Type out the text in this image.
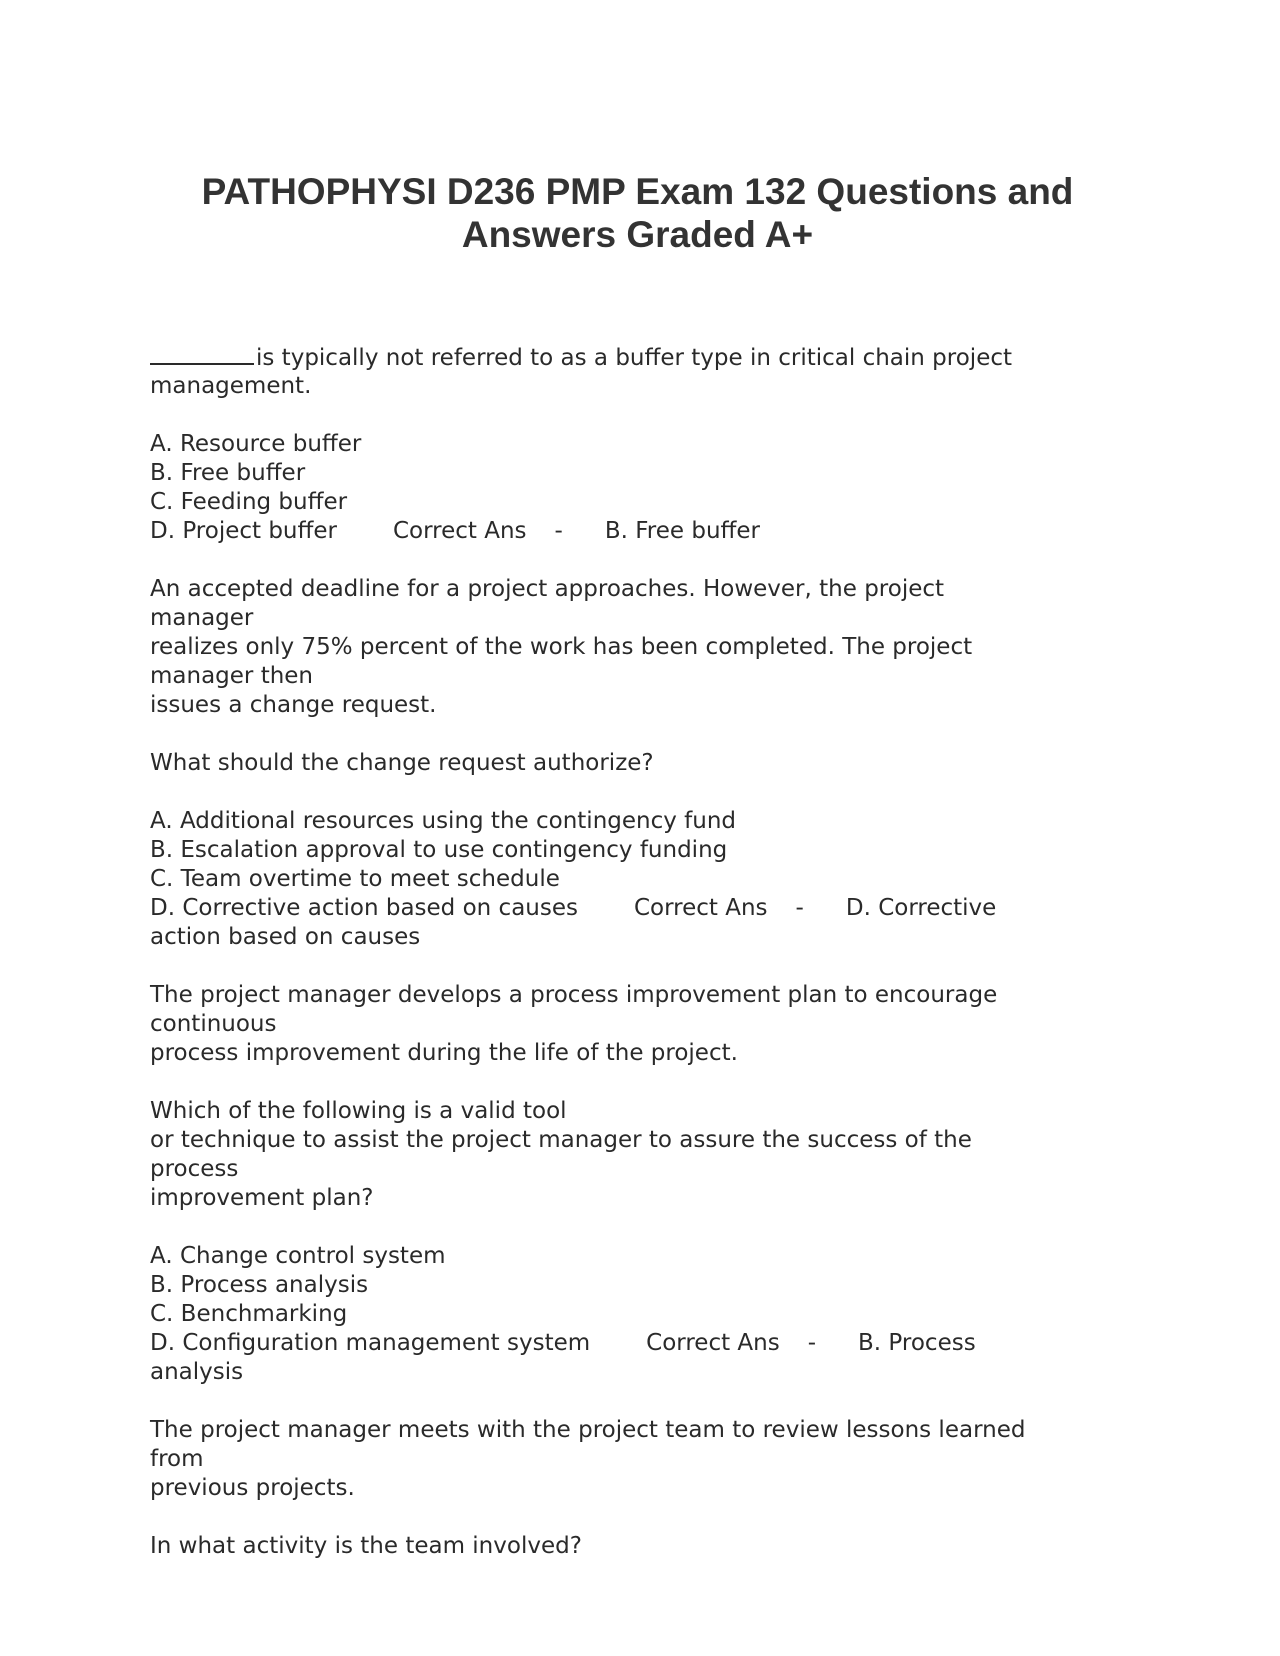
PATHOPHYSI D236 PMP Exam 132 Questions and
Answers Graded A+
is typically not referred to as a buffer type in critical chain project
management.
A. Resource buffer
B. Free buffer
C. Feeding buffer
D. Project buffer Correct Ans - B. Free buffer
An accepted deadline for a project approaches. However, the project
manager
realizes only 75% percent of the work has been completed. The project
manager then
issues a change request.
What should the change request authorize?
A. Additional resources using the contingency fund
B. Escalation approval to use contingency funding
C. Team overtime to meet schedule
D. Corrective action based on causes Correct Ans - D. Corrective
action based on causes
The project manager develops a process improvement plan to encourage
continuous
process improvement during the life of the project.
Which of the following is a valid tool
or technique to assist the project manager to assure the success of the
process
improvement plan?
A. Change control system
B. Process analysis
C. Benchmarking
D. Configuration management system Correct Ans - B. Process
analysis
The project manager meets with the project team to review lessons learned
from
previous projects.
In what activity is the team involved?
